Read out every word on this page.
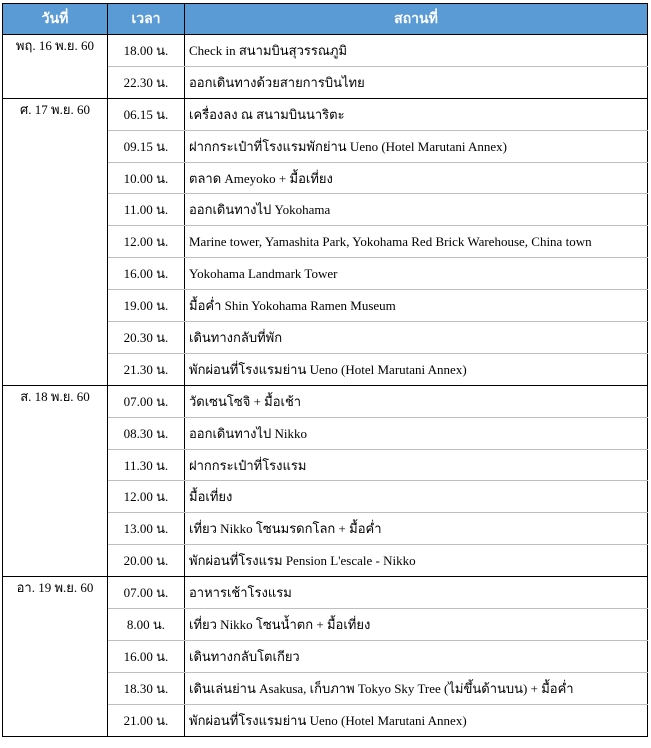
วันที่	เวลา	สถานที่
พฤ. 16 พ.ย. 60	18.00 น.	Check in สนามบินสุวรรณภูมิ
	22.30 น.	ออกเดินทางด้วยสายการบินไทย
ศ. 17 พ.ย. 60	06.15 น.	เครื่องลง ณ สนามบินนาริตะ
	09.15 น.	ฝากกระเป๋าที่โรงแรมพักย่าน Ueno (Hotel Marutani Annex)
	10.00 น.	ตลาด Ameyoko + มื้อเที่ยง
	11.00 น.	ออกเดินทางไป Yokohama
	12.00 น.	Marine tower, Yamashita Park, Yokohama Red Brick Warehouse, China town
	16.00 น.	Yokohama Landmark Tower
	19.00 น.	มื้อค่ำ Shin Yokohama Ramen Museum
	20.30 น.	เดินทางกลับที่พัก
	21.30 น.	พักผ่อนที่โรงแรมย่าน Ueno (Hotel Marutani Annex)
ส. 18 พ.ย. 60	07.00 น.	วัดเซนโซจิ + มื้อเช้า
	08.30 น.	ออกเดินทางไป Nikko
	11.30 น.	ฝากกระเป๋าที่โรงแรม
	12.00 น.	มื้อเที่ยง
	13.00 น.	เที่ยว Nikko โซนมรดกโลก + มื้อค่ำ
	20.00 น.	พักผ่อนที่โรงแรม Pension L'escale - Nikko
อา. 19 พ.ย. 60	07.00 น.	อาหารเช้าโรงแรม
	8.00 น.	เที่ยว Nikko โซนน้ำตก + มื้อเที่ยง
	16.00 น.	เดินทางกลับโตเกียว
	18.30 น.	เดินเล่นย่าน Asakusa, เก็บภาพ Tokyo Sky Tree (ไม่ขึ้นด้านบน) + มื้อค่ำ
	21.00 น.	พักผ่อนที่โรงแรมย่าน Ueno (Hotel Marutani Annex)
